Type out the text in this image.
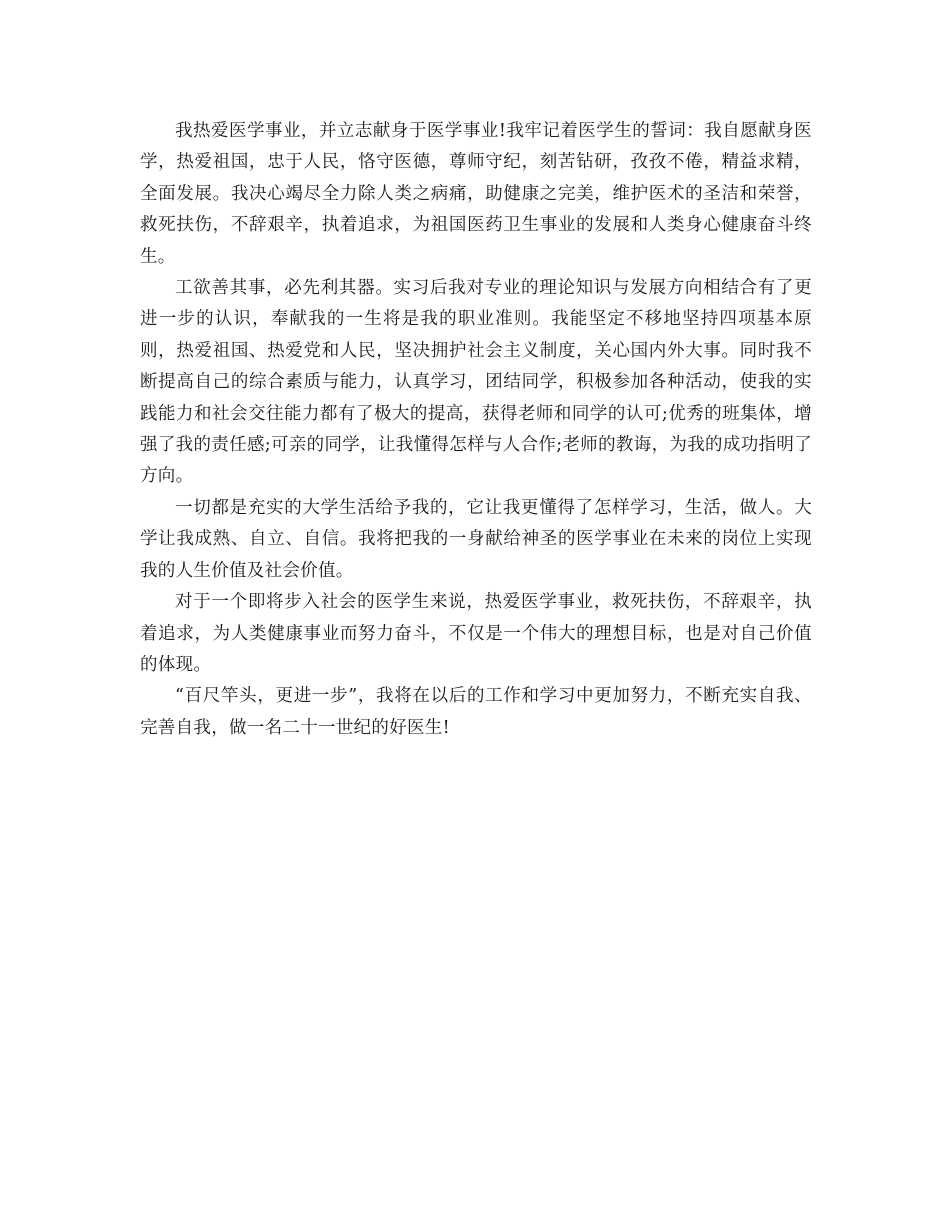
我热爱医学事业，并立志献身于医学事业!我牢记着医学生的誓词：我自愿献身医学，热爱祖国，忠于人民，恪守医德，尊师守纪，刻苦钻研，孜孜不倦，精益求精，全面发展。我决心竭尽全力除人类之病痛，助健康之完美，维护医术的圣洁和荣誉，救死扶伤，不辞艰辛，执着追求，为祖国医药卫生事业的发展和人类身心健康奋斗终生。

工欲善其事，必先利其器。实习后我对专业的理论知识与发展方向相结合有了更进一步的认识，奉献我的一生将是我的职业准则。我能坚定不移地坚持四项基本原则，热爱祖国、热爱党和人民，坚决拥护社会主义制度，关心国内外大事。同时我不断提高自己的综合素质与能力，认真学习，团结同学，积极参加各种活动，使我的实践能力和社会交往能力都有了极大的提高，获得老师和同学的认可;优秀的班集体，增强了我的责任感;可亲的同学，让我懂得怎样与人合作;老师的教诲，为我的成功指明了方向。

一切都是充实的大学生活给予我的，它让我更懂得了怎样学习，生活，做人。大学让我成熟、自立、自信。我将把我的一身献给神圣的医学事业在未来的岗位上实现我的人生价值及社会价值。

对于一个即将步入社会的医学生来说，热爱医学事业，救死扶伤，不辞艰辛，执着追求，为人类健康事业而努力奋斗，不仅是一个伟大的理想目标，也是对自己价值的体现。

“百尺竿头，更进一步”，我将在以后的工作和学习中更加努力，不断充实自我、完善自我，做一名二十一世纪的好医生!
